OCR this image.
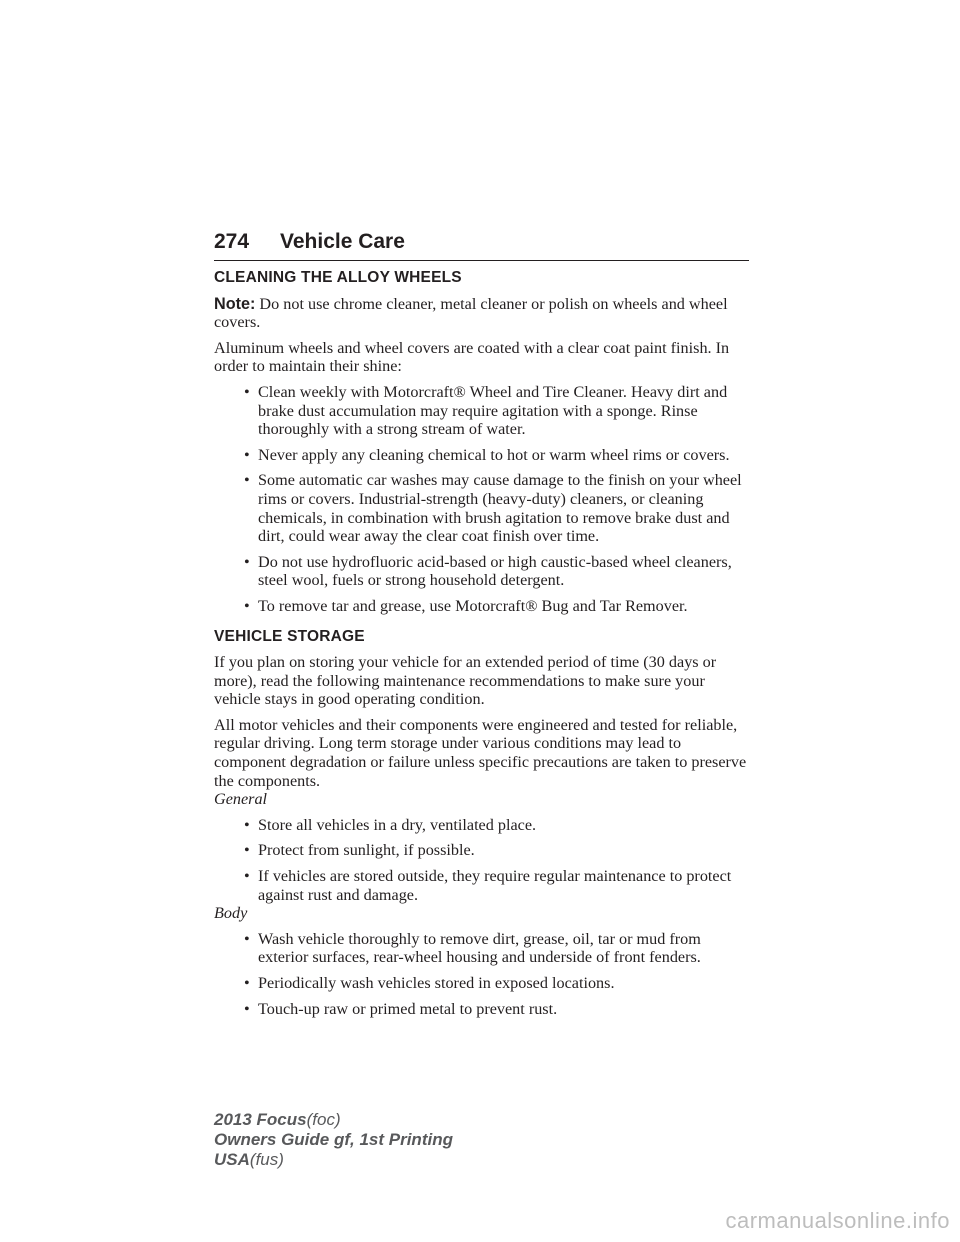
274 Vehicle Care
CLEANING THE ALLOY WHEELS

Note: Do not use chrome cleaner, metal cleaner or polish on wheels and wheel covers.

Aluminum wheels and wheel covers are coated with a clear coat paint finish. In order to maintain their shine:

• Clean weekly with Motorcraft® Wheel and Tire Cleaner. Heavy dirt and brake dust accumulation may require agitation with a sponge. Rinse thoroughly with a strong stream of water.
• Never apply any cleaning chemical to hot or warm wheel rims or covers.
• Some automatic car washes may cause damage to the finish on your wheel rims or covers. Industrial-strength (heavy-duty) cleaners, or cleaning chemicals, in combination with brush agitation to remove brake dust and dirt, could wear away the clear coat finish over time.
• Do not use hydrofluoric acid-based or high caustic-based wheel cleaners, steel wool, fuels or strong household detergent.
• To remove tar and grease, use Motorcraft® Bug and Tar Remover.
VEHICLE STORAGE

If you plan on storing your vehicle for an extended period of time (30 days or more), read the following maintenance recommendations to make sure your vehicle stays in good operating condition.

All motor vehicles and their components were engineered and tested for reliable, regular driving. Long term storage under various conditions may lead to component degradation or failure unless specific precautions are taken to preserve the components.

General

• Store all vehicles in a dry, ventilated place.
• Protect from sunlight, if possible.
• If vehicles are stored outside, they require regular maintenance to protect against rust and damage.

Body

• Wash vehicle thoroughly to remove dirt, grease, oil, tar or mud from exterior surfaces, rear-wheel housing and underside of front fenders.
• Periodically wash vehicles stored in exposed locations.
• Touch-up raw or primed metal to prevent rust.
2013 Focus(foc)
Owners Guide gf, 1st Printing
USA(fus)
carmanualsonline.info
